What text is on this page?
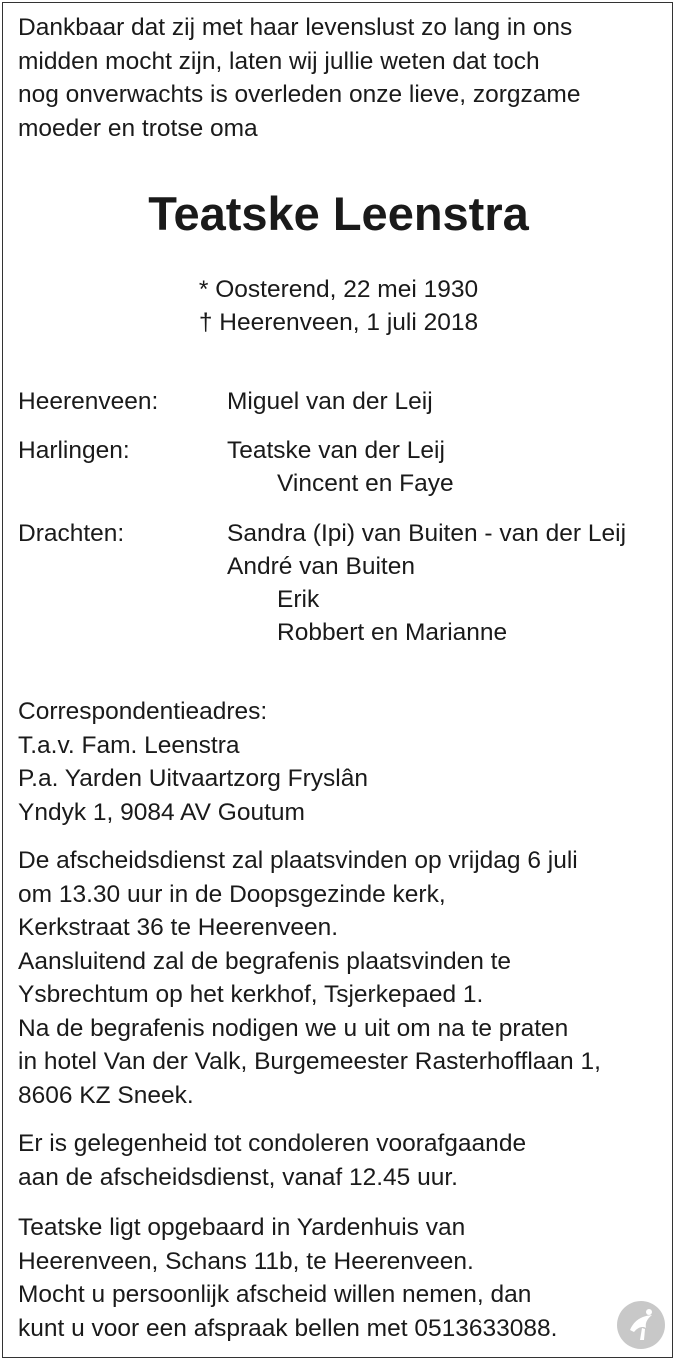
Dankbaar dat zij met haar levenslust zo lang in ons
midden mocht zijn, laten wij jullie weten dat toch
nog onverwachts is overleden onze lieve, zorgzame
moeder en trotse oma
Teatske Leenstra
* Oosterend, 22 mei 1930
† Heerenveen, 1 juli 2018
Heerenveen:	Miguel van der Leij
Harlingen:	Teatske van der Leij
Vincent en Faye
Drachten:	Sandra (Ipi) van Buiten - van der Leij
André van Buiten
Erik
Robbert en Marianne
Correspondentieadres:
T.a.v. Fam. Leenstra
P.a. Yarden Uitvaartzorg Fryslân
Yndyk 1, 9084 AV Goutum
De afscheidsdienst zal plaatsvinden op vrijdag 6 juli
om 13.30 uur in de Doopsgezinde kerk,
Kerkstraat 36 te Heerenveen.
Aansluitend zal de begrafenis plaatsvinden te
Ysbrechtum op het kerkhof, Tsjerkepaed 1.
Na de begrafenis nodigen we u uit om na te praten
in hotel Van der Valk, Burgemeester Rasterhofflaan 1,
8606 KZ Sneek.
Er is gelegenheid tot condoleren voorafgaande
aan de afscheidsdienst, vanaf 12.45 uur.
Teatske ligt opgebaard in Yardenhuis van
Heerenveen, Schans 11b, te Heerenveen.
Mocht u persoonlijk afscheid willen nemen, dan
kunt u voor een afspraak bellen met 0513633088.
